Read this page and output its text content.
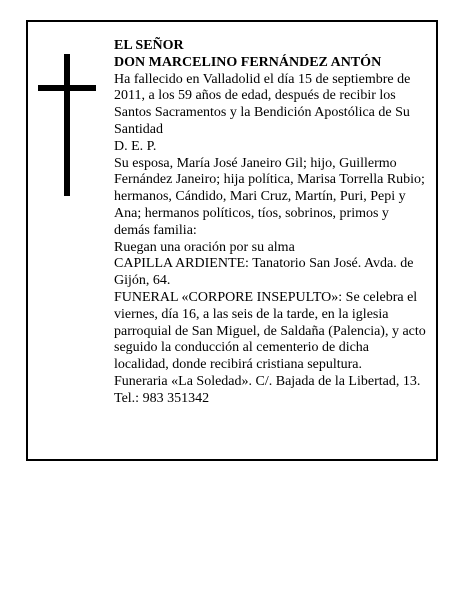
EL SEÑOR

DON MARCELINO FERNÁNDEZ ANTÓN

Ha fallecido en Valladolid el día 15 de septiembre de 2011, a los 59 años de edad, después de recibir los Santos Sacramentos y la Bendición Apostólica de Su Santidad

D. E. P.

Su esposa, María José Janeiro Gil; hijo, Guillermo Fernández Janeiro; hija política, Marisa Torrella Rubio; hermanos, Cándido, Mari Cruz, Martín, Puri, Pepi y Ana; hermanos políticos, tíos, sobrinos, primos y demás familia:

Ruegan una oración por su alma

CAPILLA ARDIENTE: Tanatorio San José. Avda. de Gijón, 64.

FUNERAL «CORPORE INSEPULTO»: Se celebra el viernes, día 16, a las seis de la tarde, en la iglesia parroquial de San Miguel, de Saldaña (Palencia), y acto seguido la conducción al cementerio de dicha localidad, donde recibirá cristiana sepultura.

Funeraria «La Soledad». C/. Bajada de la Libertad, 13. Tel.: 983 351342
